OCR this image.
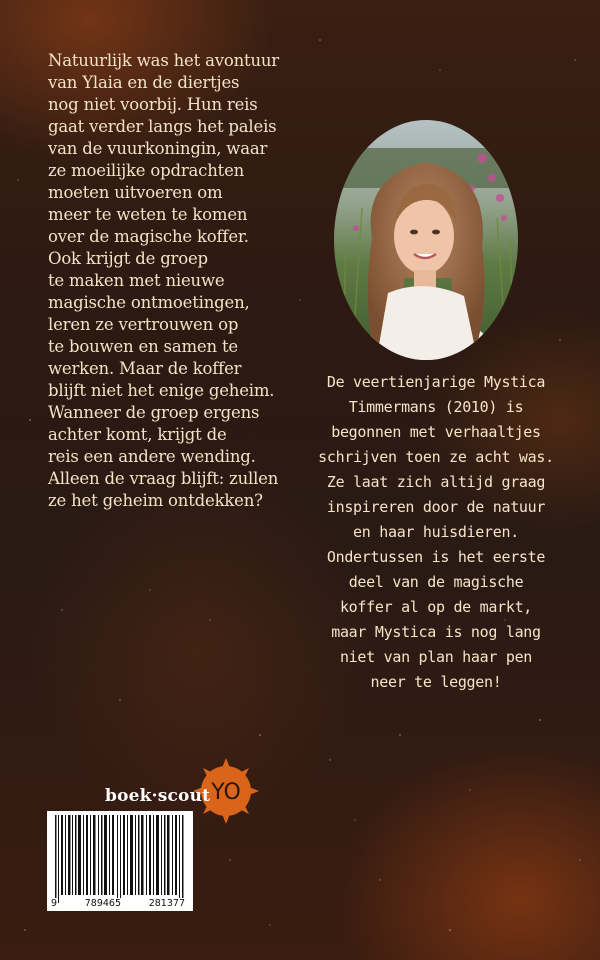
Natuurlijk was het avontuur
van Ylaia en de diertjes
nog niet voorbij. Hun reis
gaat verder langs het paleis
van de vuurkoningin, waar
ze moeilijke opdrachten
moeten uitvoeren om
meer te weten te komen
over de magische koffer.
Ook krijgt de groep
te maken met nieuwe
magische ontmoetingen,
leren ze vertrouwen op
te bouwen en samen te
werken. Maar de koffer
blijft niet het enige geheim.
Wanneer de groep ergens
achter komt, krijgt de
reis een andere wending.
Alleen de vraag blijft: zullen
ze het geheim ontdekken?

De veertienjarige Mystica
Timmermans (2010) is
begonnen met verhaaltjes
schrijven toen ze acht was.
Ze laat zich altijd graag
inspireren door de natuur
en haar huisdieren.
Ondertussen is het eerste
deel van de magische
koffer al op de markt,
maar Mystica is nog lang
niet van plan haar pen
neer te leggen!

YO
boek·scout
9	789465	281377
